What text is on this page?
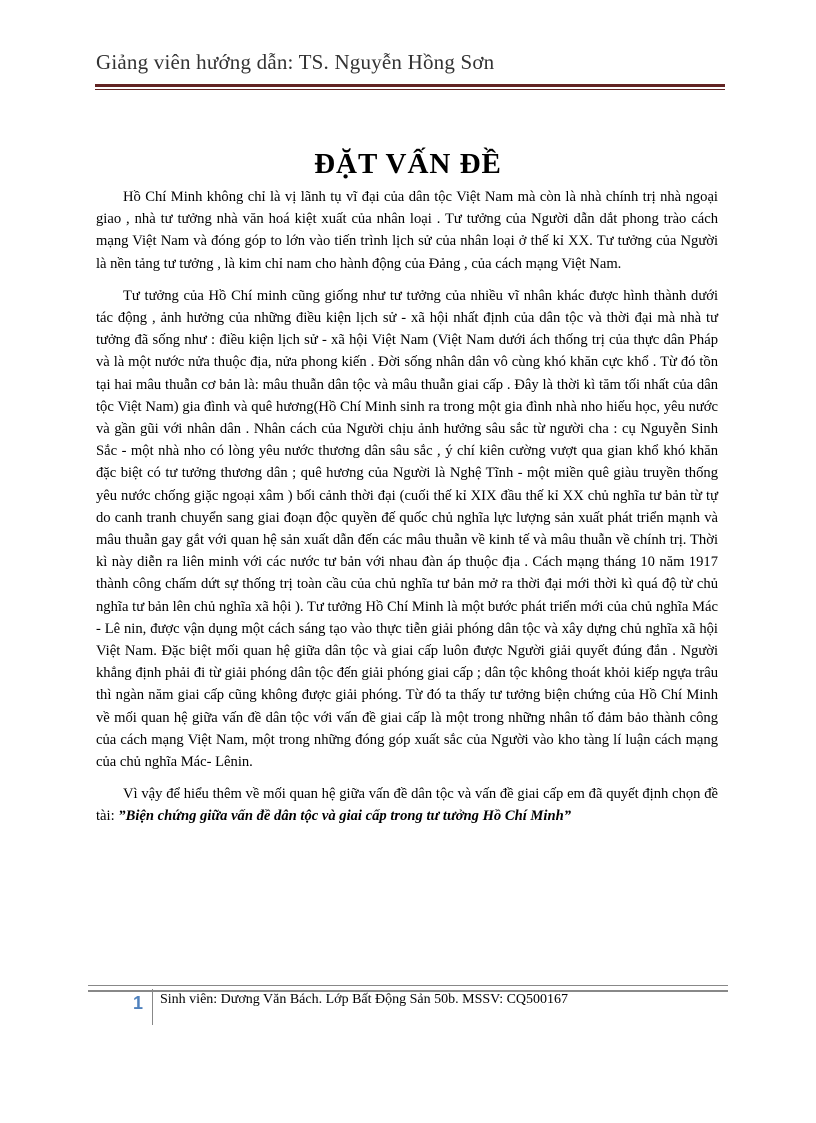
Giảng viên hướng dẫn: TS. Nguyễn Hồng Sơn
ĐẶT VẤN ĐỀ

Hồ Chí Minh không chỉ là vị lãnh tụ vĩ đại của dân tộc Việt Nam mà còn là nhà chính trị nhà ngoại giao , nhà tư tưởng nhà văn hoá kiệt xuất của nhân loại . Tư tưởng của Người dẫn dắt phong trào cách mạng Việt Nam và đóng góp to lớn vào tiến trình lịch sử của nhân loại ở thế kỉ XX. Tư tưởng của Người là nền tảng tư tưởng , là kim chỉ nam cho hành động của Đảng , của cách mạng Việt Nam.

Tư tưởng của Hồ Chí minh cũng giống như tư tưởng của nhiều vĩ nhân khác được hình thành dưới tác động , ảnh hưởng của những điều kiện lịch sử - xã hội nhất định của dân tộc và thời đại mà nhà tư tưởng đã sống như : điều kiện lịch sử - xã hội Việt Nam (Việt Nam dưới ách thống trị của thực dân Pháp và là một nước nửa thuộc địa, nửa phong kiến . Đời sống nhân dân vô cùng khó khăn cực khổ . Từ đó tồn tại hai mâu thuẫn cơ bản là: mâu thuẫn dân tộc và mâu thuẫn giai cấp . Đây là thời kì tăm tối nhất của dân tộc Việt Nam) gia đình và quê hương(Hồ Chí Minh sinh ra trong một gia đình nhà nho hiếu học, yêu nước và gần gũi với nhân dân . Nhân cách của Người chịu ảnh hưởng sâu sắc từ người cha : cụ Nguyễn Sinh Sắc - một nhà nho có lòng yêu nước thương dân sâu sắc , ý chí kiên cường vượt qua gian khổ khó khăn đặc biệt có tư tưởng thương dân ; quê hương của Người là Nghệ Tĩnh - một miền quê giàu truyền thống yêu nước chống giặc ngoại xâm ) bối cảnh thời đại (cuối thế kỉ XIX đầu thế kỉ XX chủ nghĩa tư bản từ tự do canh tranh chuyển sang giai đoạn độc quyền đế quốc chủ nghĩa lực lượng sản xuất phát triển mạnh và mâu thuẫn gay gắt với quan hệ sản xuất dẫn đến các mâu thuẫn về kinh tế và mâu thuẫn về chính trị. Thời kì này diễn ra liên minh với các nước tư bản với nhau đàn áp thuộc địa . Cách mạng tháng 10 năm 1917 thành công chấm dứt sự thống trị toàn cầu của chủ nghĩa tư bản mở ra thời đại mới thời kì quá độ từ chủ nghĩa tư bản lên chủ nghĩa xã hội ). Tư tưởng Hồ Chí Minh là một bước phát triển mới của chủ nghĩa Mác - Lê nin, được vận dụng một cách sáng tạo vào thực tiễn giải phóng dân tộc và xây dựng chủ nghĩa xã hội Việt Nam. Đặc biệt mối quan hệ giữa dân tộc và giai cấp luôn được Người giải quyết đúng đắn . Người khẳng định phải đi từ giải phóng dân tộc đến giải phóng giai cấp ; dân tộc không thoát khỏi kiếp ngựa trâu thì ngàn năm giai cấp cũng không được giải phóng. Từ đó ta thấy tư tưởng biện chứng của Hồ Chí Minh về mối quan hệ giữa vấn đề dân tộc với vấn đề giai cấp là một trong những nhân tố đảm bảo thành công của cách mạng Việt Nam, một trong những đóng góp xuất sắc của Người vào kho tàng lí luận cách mạng của chủ nghĩa Mác- Lênin.

Vì vậy để hiểu thêm về mối quan hệ giữa vấn đề dân tộc và vấn đề giai cấp em đã quyết định chọn đề tài: ”Biện chứng giữa vấn đề dân tộc và giai cấp trong tư tưởng Hồ Chí Minh”

1 Sinh viên: Dương Văn Bách. Lớp Bất Động Sản 50b. MSSV: CQ500167
